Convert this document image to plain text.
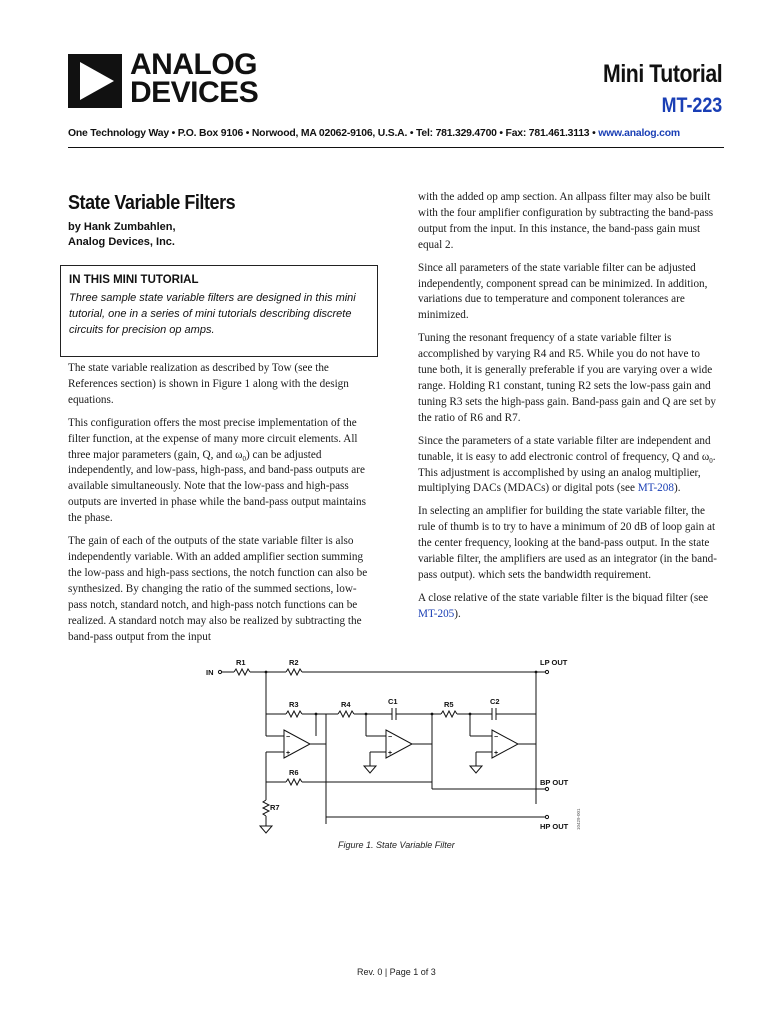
ANALOG
DEVICES
Mini Tutorial
MT-223
One Technology Way • P.O. Box 9106 • Norwood, MA 02062-9106, U.S.A. • Tel: 781.329.4700 • Fax: 781.461.3113 • www.analog.com
State Variable Filters
by Hank Zumbahlen,
Analog Devices, Inc.
IN THIS MINI TUTORIAL
Three sample state variable filters are designed in this mini tutorial, one in a series of mini tutorials describing discrete circuits for precision op amps.

The state variable realization as described by Tow (see the References section) is shown in Figure 1 along with the design equations.

This configuration offers the most precise implementation of the filter function, at the expense of many more circuit elements. All three major parameters (gain, Q, and $\omega_0$) can be adjusted independently, and low-pass, high-pass, and band-pass outputs are available simultaneously. Note that the low-pass and high-pass outputs are inverted in phase while the band-pass output maintains the phase.

The gain of each of the outputs of the state variable filter is also independently variable. With an added amplifier section summing the low-pass and high-pass sections, the notch function can also be synthesized. By changing the ratio of the summed sections, low-pass notch, standard notch, and high-pass notch functions can be realized. A standard notch may also be realized by subtracting the band-pass output from the input

with the added op amp section. An allpass filter may also be built with the four amplifier configuration by subtracting the band-pass output from the input. In this instance, the band-pass gain must equal 2.

Since all parameters of the state variable filter can be adjusted independently, component spread can be minimized. In addition, variations due to temperature and component tolerances are minimized.

Tuning the resonant frequency of a state variable filter is accomplished by varying R4 and R5. While you do not have to tune both, it is generally preferable if you are varying over a wide range. Holding R1 constant, tuning R2 sets the low-pass gain and tuning R3 sets the high-pass gain. Band-pass gain and Q are set by the ratio of R6 and R7.

Since the parameters of a state variable filter are independent and tunable, it is easy to add electronic control of frequency, Q and $\omega_0$. This adjustment is accomplished by using an analog multiplier, multiplying DACs (MDACs) or digital pots (see MT-208).

In selecting an amplifier for building the state variable filter, the rule of thumb is to try to have a minimum of 20 dB of loop gain at the center frequency, looking at the band-pass output. In the state variable filter, the amplifiers are used as an integrator (in the band-pass output). which sets the bandwidth requirement.

A close relative of the state variable filter is the biquad filter (see MT-205).

IN
R1	R2	LP OUT
R3	R4	C1	R5	C2
−
+
R6
R7
−
+
−
+
BP OUT
HP OUT 10429-001
Figure 1. State Variable Filter
Rev. 0 | Page 1 of 3
